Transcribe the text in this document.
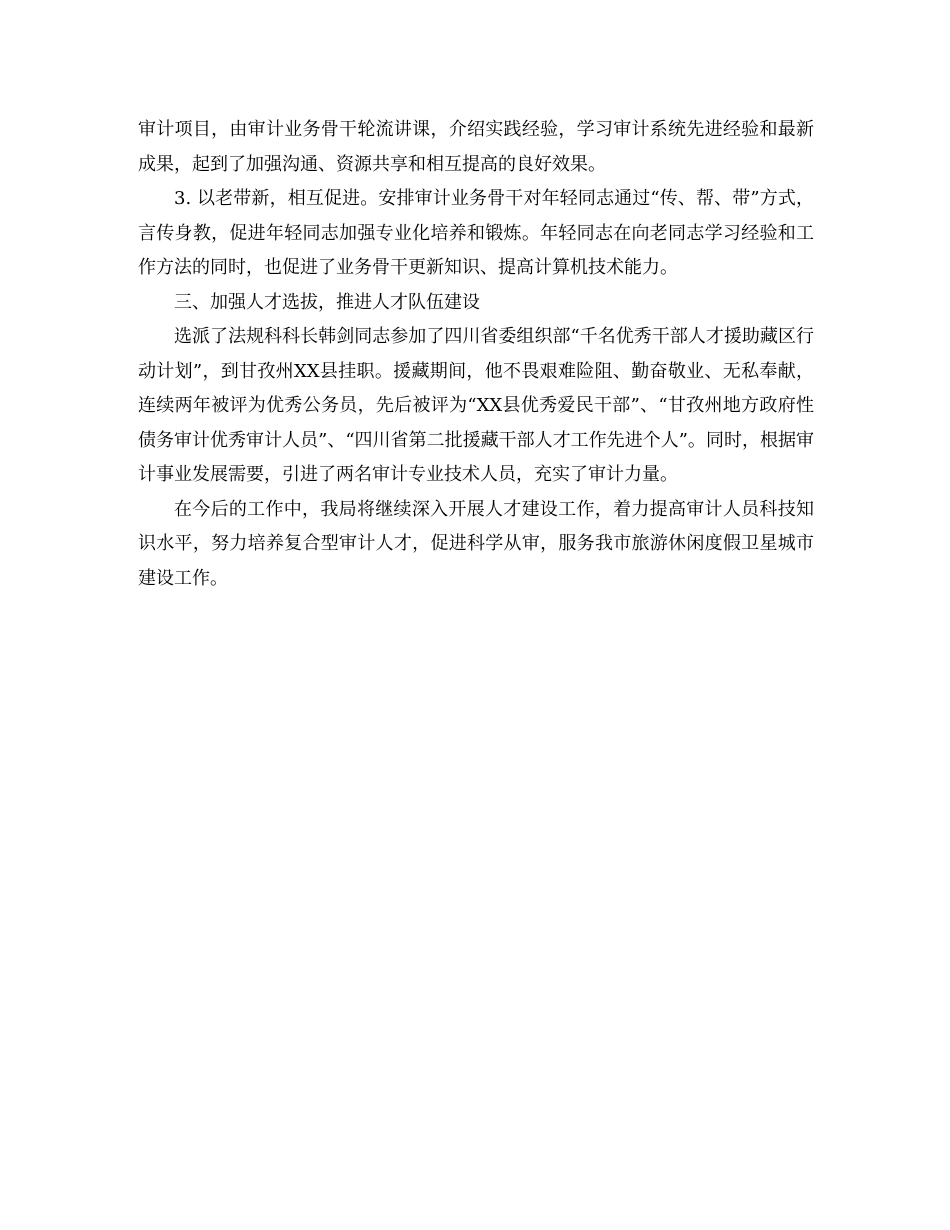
审计项目，由审计业务骨干轮流讲课，介绍实践经验，学习审计系统先进经验和最新成果，起到了加强沟通、资源共享和相互提高的良好效果。

3. 以老带新，相互促进。安排审计业务骨干对年轻同志通过“传、帮、带”方式，言传身教，促进年轻同志加强专业化培养和锻炼。年轻同志在向老同志学习经验和工作方法的同时，也促进了业务骨干更新知识、提高计算机技术能力。

三、加强人才选拔，推进人才队伍建设

选派了法规科科长韩剑同志参加了四川省委组织部“千名优秀干部人才援助藏区行动计划”，到甘孜州XX县挂职。援藏期间，他不畏艰难险阻、勤奋敬业、无私奉献，连续两年被评为优秀公务员，先后被评为“XX县优秀爱民干部”、“甘孜州地方政府性债务审计优秀审计人员”、“四川省第二批援藏干部人才工作先进个人”。同时，根据审计事业发展需要，引进了两名审计专业技术人员，充实了审计力量。

在今后的工作中，我局将继续深入开展人才建设工作，着力提高审计人员科技知识水平，努力培养复合型审计人才，促进科学从审，服务我市旅游休闲度假卫星城市建设工作。
